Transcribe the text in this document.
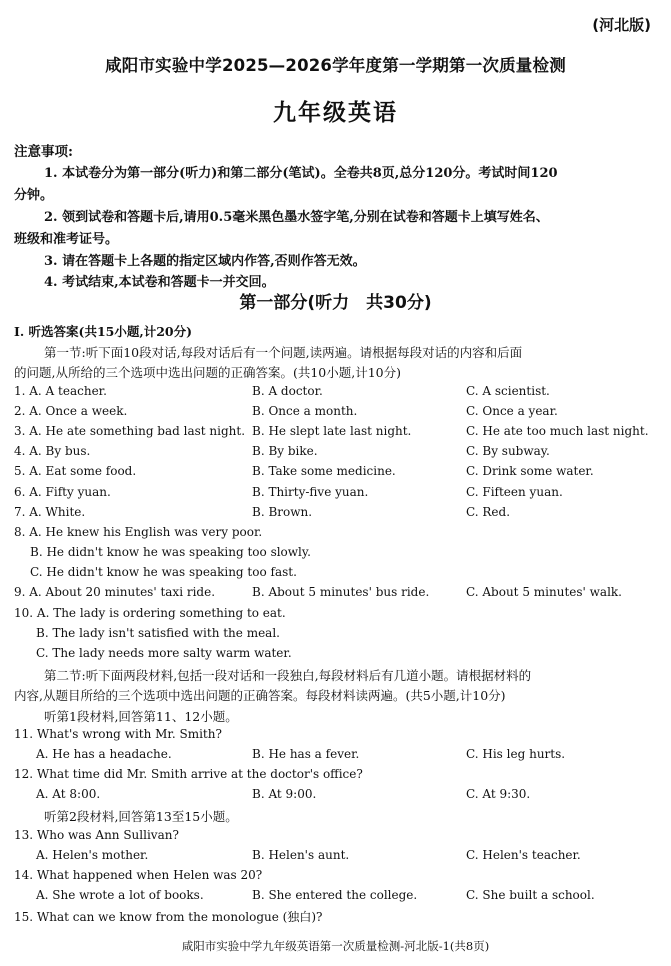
(河北版)
咸阳市实验中学2025—2026学年度第一学期第一次质量检测
九年级英语
注意事项:
1. 本试卷分为第一部分(听力)和第二部分(笔试)。全卷共8页,总分120分。考试时间120
分钟。
2. 领到试卷和答题卡后,请用0.5毫米黑色墨水签字笔,分别在试卷和答题卡上填写姓名、
班级和准考证号。
3. 请在答题卡上各题的指定区域内作答,否则作答无效。
4. 考试结束,本试卷和答题卡一并交回。
第一部分(听力　共30分)
Ⅰ. 听选答案(共15小题,计20分)
第一节:听下面10段对话,每段对话后有一个问题,读两遍。请根据每段对话的内容和后面
的问题,从所给的三个选项中选出问题的正确答案。(共10小题,计10分)
1. A. A teacher.	B. A doctor.	C. A scientist.
2. A. Once a week.	B. Once a month.	C. Once a year.
3. A. He ate something bad last night. B. He slept late last night.	C. He ate too much last night.
4. A. By bus.	B. By bike.	C. By subway.
5. A. Eat some food.	B. Take some medicine.	C. Drink some water.
6. A. Fifty yuan.	B. Thirty-five yuan.	C. Fifteen yuan.
7. A. White.	B. Brown.	C. Red.
8. A. He knew his English was very poor.
B. He didn't know he was speaking too slowly.
C. He didn't know he was speaking too fast.
9. A. About 20 minutes' taxi ride.	B. About 5 minutes' bus ride.	C. About 5 minutes' walk.
10. A. The lady is ordering something to eat.
B. The lady isn't satisfied with the meal.
C. The lady needs more salty warm water.
第二节:听下面两段材料,包括一段对话和一段独白,每段材料后有几道小题。请根据材料的
内容,从题目所给的三个选项中选出问题的正确答案。每段材料读两遍。(共5小题,计10分)
听第1段材料,回答第11、12小题。
11. What's wrong with Mr. Smith?
A. He has a headache.	B. He has a fever.	C. His leg hurts.
12. What time did Mr. Smith arrive at the doctor's office?
A. At 8:00.	B. At 9:00.	C. At 9:30.
听第2段材料,回答第13至15小题。
13. Who was Ann Sullivan?
A. Helen's mother.	B. Helen's aunt.	C. Helen's teacher.
14. What happened when Helen was 20?
A. She wrote a lot of books.	B. She entered the college.	C. She built a school.
15. What can we know from the monologue (独白)?
咸阳市实验中学九年级英语第一次质量检测-河北版-1(共8页)
